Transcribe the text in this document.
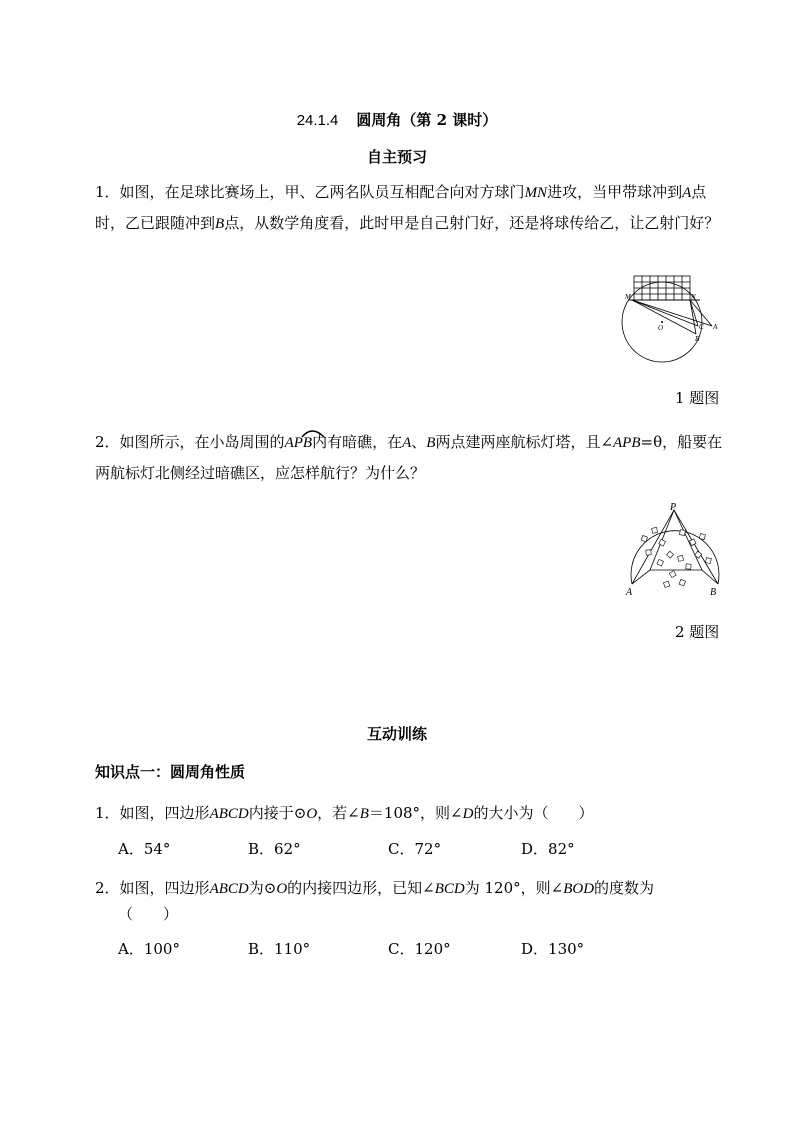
24.1.4 圆周角（第 2 课时）
自主预习
1．如图，在足球比赛场上，甲、乙两名队员互相配合向对方球门MN进攻，当甲带球冲到A点时，乙已跟随冲到B点，从数学角度看，此时甲是自己射门好，还是将球传给乙，让乙射门好？
M	N
O	C A
B
1 题图
2．如图所示，在小岛周围的APB内有暗礁，在A、B两点建两座航标灯塔，且∠APB=θ，船要在两航标灯北侧经过暗礁区，应怎样航行？为什么？
P
A	B
2 题图
互动训练
知识点一：圆周角性质
1．如图，四边形ABCD内接于⊙O，若∠B＝108°，则∠D的大小为（　　）
A．54°	B．62°	C．72°	D．82°
2．如图，四边形ABCD为⊙O的内接四边形，已知∠BCD为 120°，则∠BOD的度数为
（　　）
A．100°	B．110°	C．120°	D．130°
